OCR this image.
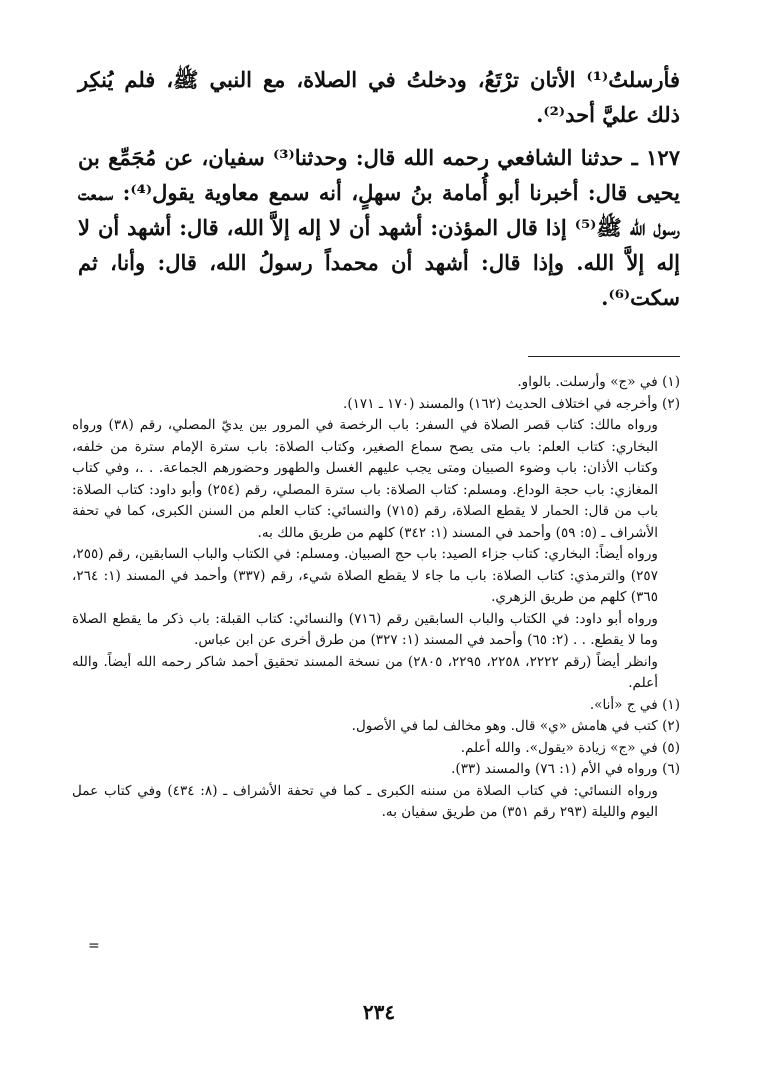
فأرسلتُ⁽¹⁾ الأتان ترْتَعُ، ودخلتُ في الصلاة، مع النبي ﷺ، فلم يُنكِر ذلك عليَّ أحد⁽²⁾.

١٢٧ ـ حدثنا الشافعي رحمه الله قال: وحدثنا⁽³⁾ سفيان، عن مُجَمِّع بن يحيى قال: أخبرنا أبو أُمامة بنُ سهلٍ، أنه سمع معاوية يقول⁽⁴⁾: سمعت رسول الله ﷺ⁽⁵⁾ إذا قال المؤذن: أشهد أن لا إله إلاَّ الله، قال: أشهد أن لا إله إلاَّ الله. وإذا قال: أشهد أن محمداً رسولُ الله، قال: وأنا، ثم سكت⁽⁶⁾.

(١) في «ج» وأرسلت. بالواو.

(٢) وأخرجه في اختلاف الحديث (١٦٢) والمسند (١٧٠ ـ ١٧١).

ورواه مالك: كتاب قصر الصلاة في السفر: باب الرخصة في المرور بين يديّ المصلي، رقم (٣٨) ورواه البخاري: كتاب العلم: باب متى يصح سماع الصغير، وكتاب الصلاة: باب سترة الإمام سترة من خلفه، وكتاب الأذان: باب وضوء الصبيان ومتى يجب عليهم الغسل والطهور وحضورهم الجماعة. . .، وفي كتاب المغازي: باب حجة الوداع. ومسلم: كتاب الصلاة: باب سترة المصلي، رقم (٢٥٤) وأبو داود: كتاب الصلاة: باب من قال: الحمار لا يقطع الصلاة، رقم (٧١٥) والنسائي: كتاب العلم من السنن الكبرى، كما في تحفة الأشراف ـ (٥: ٥٩) وأحمد في المسند (١: ٣٤٢) كلهم من طريق مالك به.

ورواه أيضاً: البخاري: كتاب جزاء الصيد: باب حج الصبيان. ومسلم: في الكتاب والباب السابقين، رقم (٢٥٥، ٢٥٧) والترمذي: كتاب الصلاة: باب ما جاء لا يقطع الصلاة شيء، رقم (٣٣٧) وأحمد في المسند (١: ٢٦٤، ٣٦٥) كلهم من طريق الزهري.

ورواه أبو داود: في الكتاب والباب السابقين رقم (٧١٦) والنسائي: كتاب القبلة: باب ذكر ما يقطع الصلاة وما لا يقطع. . . (٢: ٦٥) وأحمد في المسند (١: ٣٢٧) من طرق أخرى عن ابن عباس.

وانظر أيضاً (رقم ٢٢٢٢، ٢٢٥٨، ٢٢٩٥، ٢٨٠٥) من نسخة المسند تحقيق أحمد شاكر رحمه الله أيضاً. والله أعلم.

(١) في ج «أنا».

(٢) كتب في هامش «ي» قال. وهو مخالف لما في الأصول.

(٥) في «ج» زيادة «يقول». والله أعلم.

(٦) ورواه في الأم (١: ٧٦) والمسند (٣٣).

ورواه النسائي: في كتاب الصلاة من سننه الكبرى ـ كما في تحفة الأشراف ـ (٨: ٤٣٤) وفي كتاب عمل اليوم والليلة (٢٩٣ رقم ٣٥١) من طريق سفيان به.

=
٢٣٤
